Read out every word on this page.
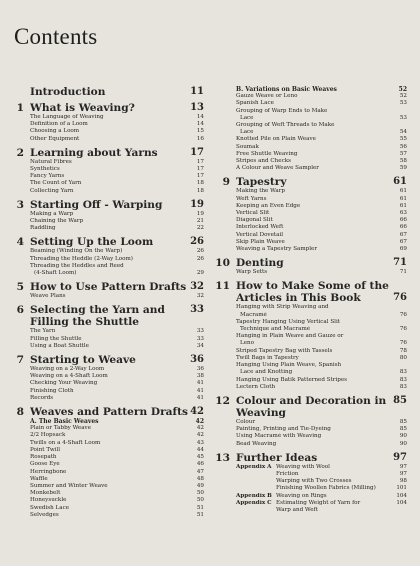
Contents
Introduction	11
1 What is Weaving?	13
The Language of Weaving	14
Definition of a Loom	14
Choosing a Loom	15
Other Equipment	16
2 Learning about Yarns	17
Natural Fibres	17
Synthetics	17
Fancy Yarns	17
The Count of Yarn	18
Collecting Yarn	18
3 Starting Off - Warping	19
Making a Warp	19
Chaining the Warp	21
Raddling	22
4 Setting Up the Loom	26
Beaming (Winding On the Warp)	26
Threading the Heddle (2-Way Loom)	26
Threading the Heddles and Reed
(4-Shaft Loom)	29
5 How to Use Pattern Drafts 32
Weave Plans	32
6 Selecting the Yarn and	33
Filling the Shuttle
The Yarn	33
Filling the Shuttle	33
Using a Boat Shuttle	34
7 Starting to Weave	36
Weaving on a 2-Way Loom	36
Weaving on a 4-Shaft Loom	38
Checking Your Weaving	41
Finishing Cloth	41
Records	41
8 Weaves and Pattern Drafts 42
A. The Basic Weaves	42
Plain or Tabby Weave	42
2/2 Hopsack	42
Twills on a 4-Shaft Loom	43
Point Twill	44
Rosepath	45
Goose Eye	46
Herringbone	47
Waffle	48
Summer and Winter Weave	49
Monkebelt	50
Honeysuckle	50
Swedish Lace	51
Selvedges	51
B. Variations on Basic Weaves	52
Gauze Weave or Leno	52
Spanish Lace	53
Grouping of Warp Ends to Make
Lace	53
Grouping of Weft Threads to Make
Lace	54
Knotted Pile on Plain Weave	55
Soumak	56
Free Shuttle Weaving	57
Stripes and Checks	58
A Colour and Weave Sampler	59
9 Tapestry	61
Making the Warp	61
Weft Yarns	61
Keeping an Even Edge	61
Vertical Slit	63
Diagonal Slit	66
Interlocked Weft	66
Vertical Dovetail	67
Skip Plain Weave	67
Weaving a Tapestry Sampler	69
10 Denting	71
Warp Setts	71
11 How to Make Some of the
Articles in This Book	76
Hanging with Strip Weaving and
Macramé	76
Tapestry Hanging Using Vertical Slit
Technique and Macramé	76
Hanging in Plain Weave and Gauze or
Leno	76
Striped Tapestry Bag with Tassels	78
Twill Bags in Tapestry	80
Hanging Using Plain Weave, Spanish
Lace and Knotting	83
Hanging Using Batik Patterned Stripes	83
Lectern Cloth	83
12 Colour and Decoration in 85
Weaving
Colour	85
Painting, Printing and Tie-Dyeing	85
Using Macramé with Weaving	90
Bead Weaving	90
13 Further Ideas	97
Appendix A Weaving with Wool	97
Friction	97
Warping with Two Crosses	98
Finishing Woollen Fabrics (Milling)	101
Appendix B Weaving on Rings	104
Appendix C Estimating Weight of Yarn for	104
Warp and Weft
